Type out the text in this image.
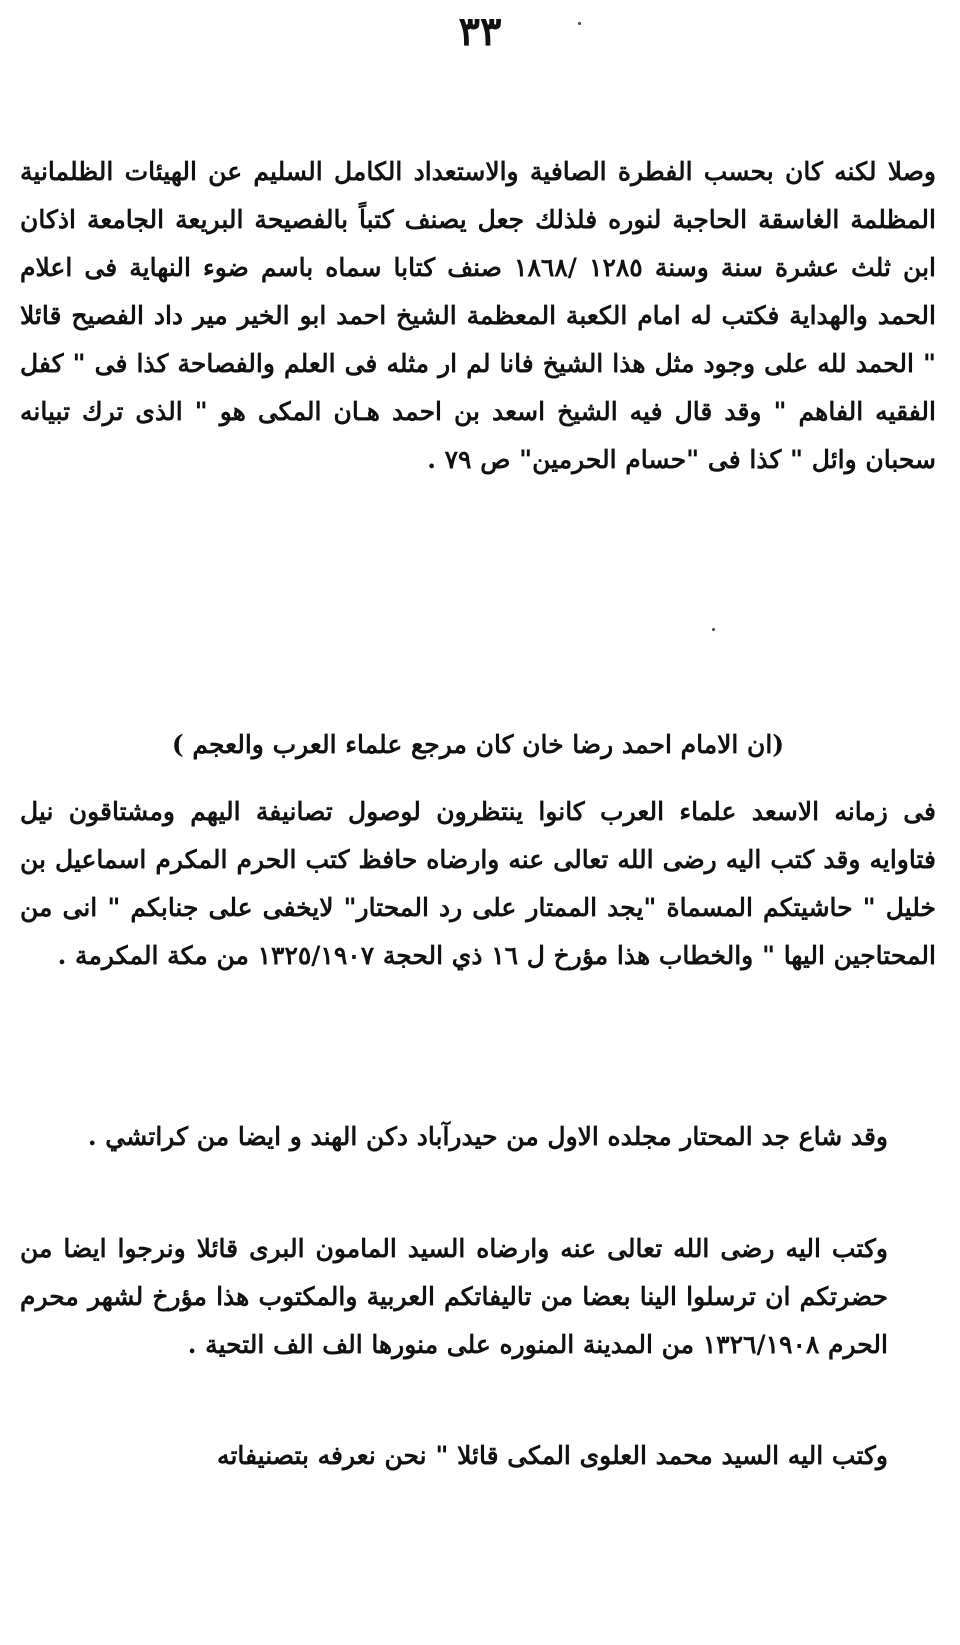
٣٣

وصلا لكنه كان بحسب الفطرة الصافية والاستعداد الكامل السليم عن الهيئات الظلمانية المظلمة الغاسقة الحاجبة لنوره فلذلك جعل يصنف كتباً بالفصيحة البريعة الجامعة اذكان ابن ثلث عشرة سنة وسنة ١٢٨٥ /١٨٦٨ صنف كتابا سماه باسم ضوء النهاية فى اعلام الحمد والهداية فكتب له امام الكعبة المعظمة الشيخ احمد ابو الخير مير داد الفصيح قائلا " الحمد لله على وجود مثل هذا الشيخ فانا لم ار مثله فى العلم والفصاحة كذا فى " كفل الفقيه الفاهم " وقد قال فيه الشيخ اسعد بن احمد هـان المكى هو " الذى ترك تبيانه سحبان وائل " كذا فى "حسام الحرمين" ص ٧٩ .

(ان الامام احمد رضا خان كان مرجع علماء العرب والعجم )

فى زمانه الاسعد علماء العرب كانوا ينتظرون لوصول تصانيفة اليهم ومشتاقون نيل فتاوايه وقد كتب اليه رضى الله تعالى عنه وارضاه حافظ كتب الحرم المكرم اسماعيل بن خليل " حاشيتكم المسماة "يجد الممتار على رد المحتار" لايخفى على جنابكم " انى من المحتاجين اليها " والخطاب هذا مؤرخ ل ١٦ ذي الحجة ١٣٢٥/١٩٠٧ من مكة المكرمة .

وقد شاع جد المحتار مجلده الاول من حيدرآباد دكن الهند و ايضا من كراتشي .

وكتب اليه رضى الله تعالى عنه وارضاه السيد المامون البرى قائلا ونرجوا ايضا من حضرتكم ان ترسلوا الينا بعضا من تاليفاتكم العربية والمكتوب هذا مؤرخ لشهر محرم الحرم ١٣٢٦/١٩٠٨ من المدينة المنوره على منورها الف الف التحية .

وكتب اليه السيد محمد العلوى المكى قائلا " نحن نعرفه بتصنيفاته
